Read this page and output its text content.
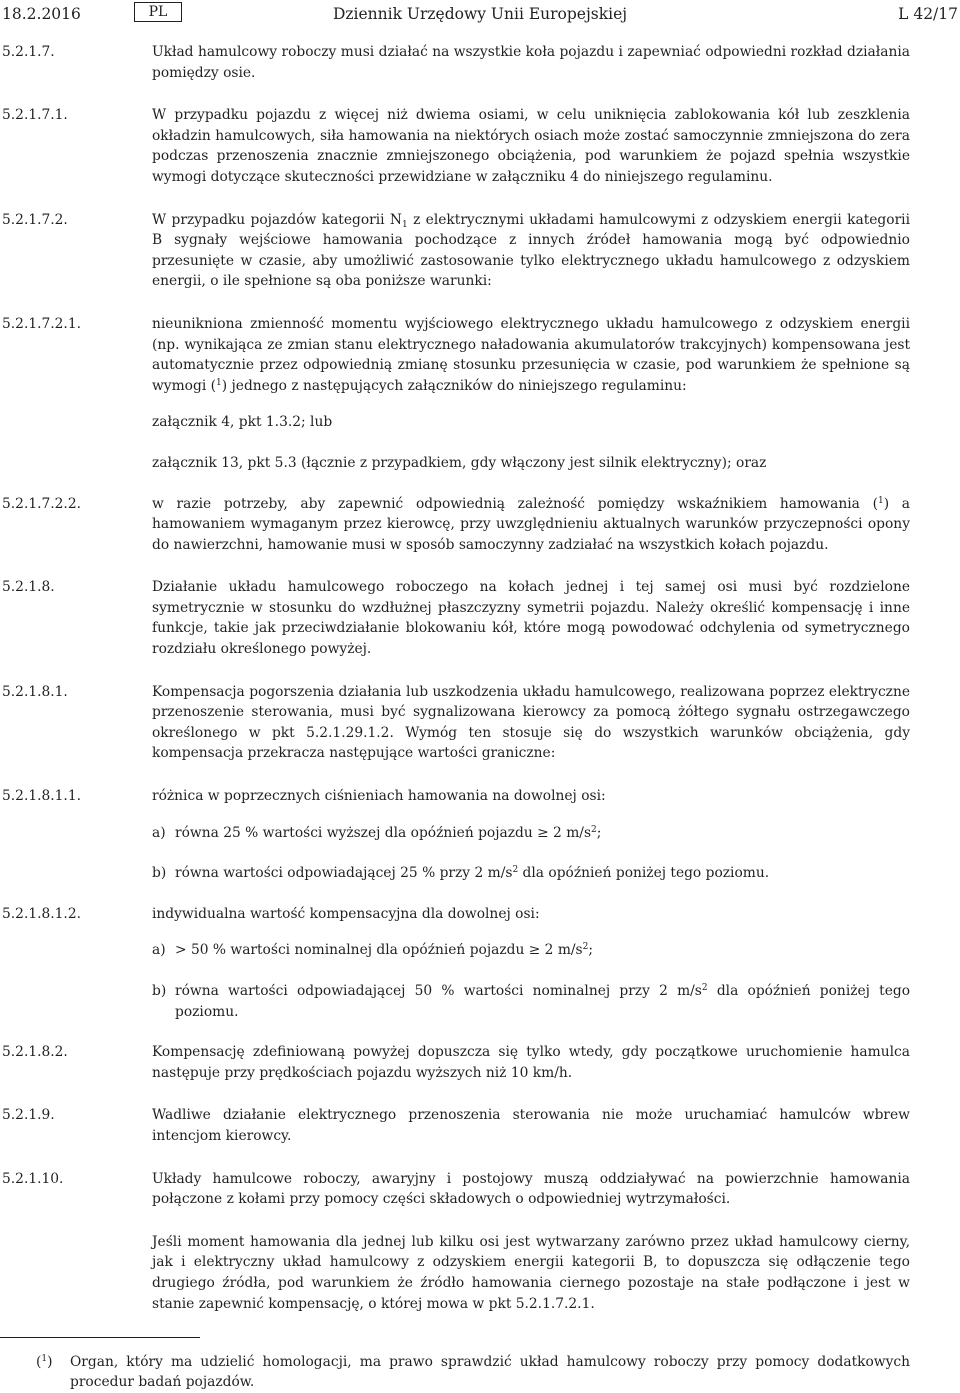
18.2.2016	PL	Dziennik Urzędowy Unii Europejskiej	L 42/17
5.2.1.7.	Układ hamulcowy roboczy musi działać na wszystkie koła pojazdu i zapewniać odpowiedni rozkład działania pomiędzy osie.
5.2.1.7.1.	W przypadku pojazdu z więcej niż dwiema osiami, w celu uniknięcia zablokowania kół lub zeszklenia okładzin hamulcowych, siła hamowania na niektórych osiach może zostać samoczynnie zmniejszona do zera podczas przenoszenia znacznie zmniejszonego obciążenia, pod warunkiem że pojazd spełnia wszystkie wymogi dotyczące skuteczności przewidziane w załączniku 4 do niniejszego regulaminu.
5.2.1.7.2.	W przypadku pojazdów kategorii $N_1$ z elektrycznymi układami hamulcowymi z odzyskiem energii kategorii B sygnały wejściowe hamowania pochodzące z innych źródeł hamowania mogą być odpowiednio przesunięte w czasie, aby umożliwić zastosowanie tylko elektrycznego układu hamulcowego z odzyskiem energii, o ile spełnione są oba poniższe warunki:
5.2.1.7.2.1.	nieunikniona zmienność momentu wyjściowego elektrycznego układu hamulcowego z odzyskiem energii (np. wynikająca ze zmian stanu elektrycznego naładowania akumulatorów trakcyjnych) kompensowana jest automatycznie przez odpowiednią zmianę stosunku przesunięcia w czasie, pod warunkiem że spełnione są wymogi ($^1$) jednego z następujących załączników do niniejszego regulaminu:
załącznik 4, pkt 1.3.2; lub
załącznik 13, pkt 5.3 (łącznie z przypadkiem, gdy włączony jest silnik elektryczny); oraz
5.2.1.7.2.2.	w razie potrzeby, aby zapewnić odpowiednią zależność pomiędzy wskaźnikiem hamowania ($^1$) a hamowaniem wymaganym przez kierowcę, przy uwzględnieniu aktualnych warunków przyczepności opony do nawierzchni, hamowanie musi w sposób samoczynny zadziałać na wszystkich kołach pojazdu.
5.2.1.8.	Działanie układu hamulcowego roboczego na kołach jednej i tej samej osi musi być rozdzielone symetrycznie w stosunku do wzdłużnej płaszczyzny symetrii pojazdu. Należy określić kompensację i inne funkcje, takie jak przeciwdziałanie blokowaniu kół, które mogą powodować odchylenia od symetrycznego rozdziału określonego powyżej.
5.2.1.8.1.	Kompensacja pogorszenia działania lub uszkodzenia układu hamulcowego, realizowana poprzez elektryczne przenoszenie sterowania, musi być sygnalizowana kierowcy za pomocą żółtego sygnału ostrzegawczego określonego w pkt 5.2.1.29.1.2. Wymóg ten stosuje się do wszystkich warunków obciążenia, gdy kompensacja przekracza następujące wartości graniczne:
5.2.1.8.1.1.	różnica w poprzecznych ciśnieniach hamowania na dowolnej osi:
a) równa 25 % wartości wyższej dla opóźnień pojazdu ≥ 2 $m/s^2$;
b) równa wartości odpowiadającej 25 % przy 2 $m/s^2$ dla opóźnień poniżej tego poziomu.
5.2.1.8.1.2.	indywidualna wartość kompensacyjna dla dowolnej osi:
a) > 50 % wartości nominalnej dla opóźnień pojazdu ≥ 2 $m/s^2$;
b) równa wartości odpowiadającej 50 % wartości nominalnej przy 2 $m/s^2$ dla opóźnień poniżej tego poziomu.
5.2.1.8.2.	Kompensację zdefiniowaną powyżej dopuszcza się tylko wtedy, gdy początkowe uruchomienie hamulca następuje przy prędkościach pojazdu wyższych niż 10 km/h.
5.2.1.9.	Wadliwe działanie elektrycznego przenoszenia sterowania nie może uruchamiać hamulców wbrew intencjom kierowcy.
5.2.1.10.	Układy hamulcowe roboczy, awaryjny i postojowy muszą oddziaływać na powierzchnie hamowania połączone z kołami przy pomocy części składowych o odpowiedniej wytrzymałości.
Jeśli moment hamowania dla jednej lub kilku osi jest wytwarzany zarówno przez układ hamulcowy cierny, jak i elektryczny układ hamulcowy z odzyskiem energii kategorii B, to dopuszcza się odłączenie tego drugiego źródła, pod warunkiem że źródło hamowania ciernego pozostaje na stałe podłączone i jest w stanie zapewnić kompensację, o której mowa w pkt 5.2.1.7.2.1.
($^1$)	Organ, który ma udzielić homologacji, ma prawo sprawdzić układ hamulcowy roboczy przy pomocy dodatkowych procedur badań pojazdów.
